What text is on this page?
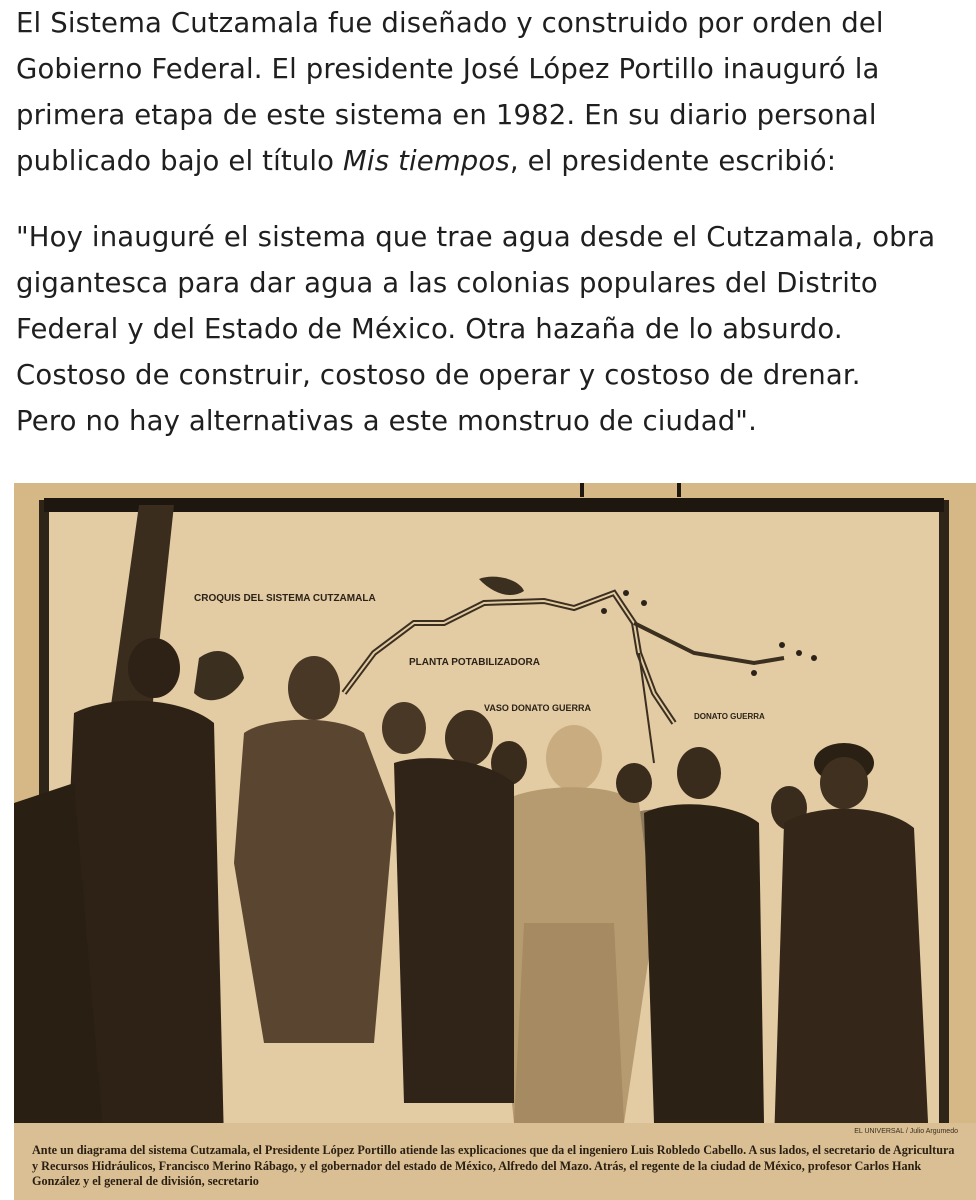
El Sistema Cutzamala fue diseñado y construido por orden del
Gobierno Federal. El presidente José López Portillo inauguró la
primera etapa de este sistema en 1982. En su diario personal
publicado bajo el título Mis tiempos, el presidente escribió:

"Hoy inauguré el sistema que trae agua desde el Cutzamala, obra
gigantesca para dar agua a las colonias populares del Distrito
Federal y del Estado de México. Otra hazaña de lo absurdo.
Costoso de construir, costoso de operar y costoso de drenar.
Pero no hay alternativas a este monstruo de ciudad".

CROQUIS DEL SISTEMA CUTZAMALA
PLANTA POTABILIZADORA
VASO DONATO GUERRA
DONATO GUERRA
EL UNIVERSAL / Julio Argumedo
Ante un diagrama del sistema Cutzamala, el Presidente López Portillo atiende las explicaciones que da el ingeniero Luis Robledo Cabello. A sus lados, el secretario de Agricultura y Recursos Hidráulicos, Francisco Merino Rábago, y el gobernador del estado de México, Alfredo del Mazo. Atrás, el regente de la ciudad de México, profesor Carlos Hank González y el general de división, secretario
